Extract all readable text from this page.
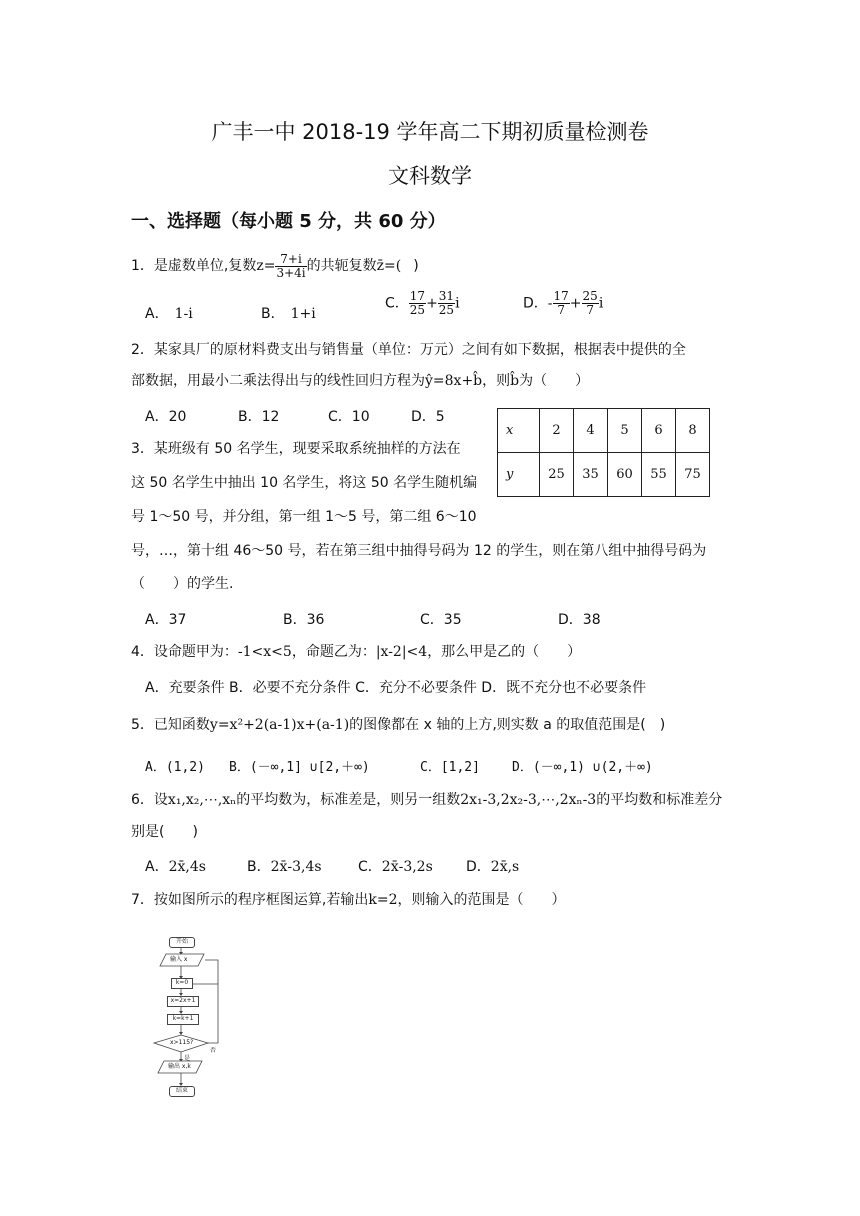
广丰一中 2018-19 学年高二下期初质量检测卷
文科数学
一、选择题（每小题 5 分，共 60 分）
1．是虚数单位,复数$z= \frac{7+i}{3+4i}$ 的共轭复数z̄=( )
A． 1-i	B． 1+i
C． $\frac{17}{25} + \frac{31}{25}$ i	D．- $\frac{17}{7} + \frac{25}{7}$ i
2．某家具厂的原材料费支出与销售量（单位：万元）之间有如下数据，根据表中提供的全
部数据，用最小二乘法得出与的线性回归方程为ŷ=8x+b̂，则b̂为（　　）
A．20	B．12	C．10	D．5
x	2	4	5	6	8
y	25	35	60	55	75
3．某班级有 50 名学生，现要采取系统抽样的方法在
这 50 名学生中抽出 10 名学生，将这 50 名学生随机编
号 1～50 号，并分组，第一组 1～5 号，第二组 6～10
号，…，第十组 46～50 号，若在第三组中抽得号码为 12 的学生，则在第八组中抽得号码为
（　　）的学生.
A．37	B．36	C．35	D．38
4．设命题甲为：-1<x<5，命题乙为：|x-2|<4，那么甲是乙的（　　）
A．充要条件 B．必要不充分条件 C．充分不必要条件 D．既不充分也不必要条件
5．已知函数y=x²+2(a-1)x+(a-1)的图像都在 x 轴的上方,则实数 a 的取值范围是(　)
A．(1,2) B．(－∞,1] ∪[2,＋∞)	C．[1,2] D．(－∞,1) ∪(2,＋∞)
6．设x₁,x₂,⋯,xₙ的平均数为，标准差是，则另一组数2x₁-3,2x₂-3,⋯,2xₙ-3的平均数和标准差分
别是(　　)
A．2x̄,4s	B．2x̄-3,4s	C．2x̄-3,2s D．2x̄,s
7．按如图所示的程序框图运算,若输出k=2，则输入的范围是（　　）
开始
输入 x
k=0
x=2x+1
k=k+1
x>115?
否
是
输出 x,k
结束
